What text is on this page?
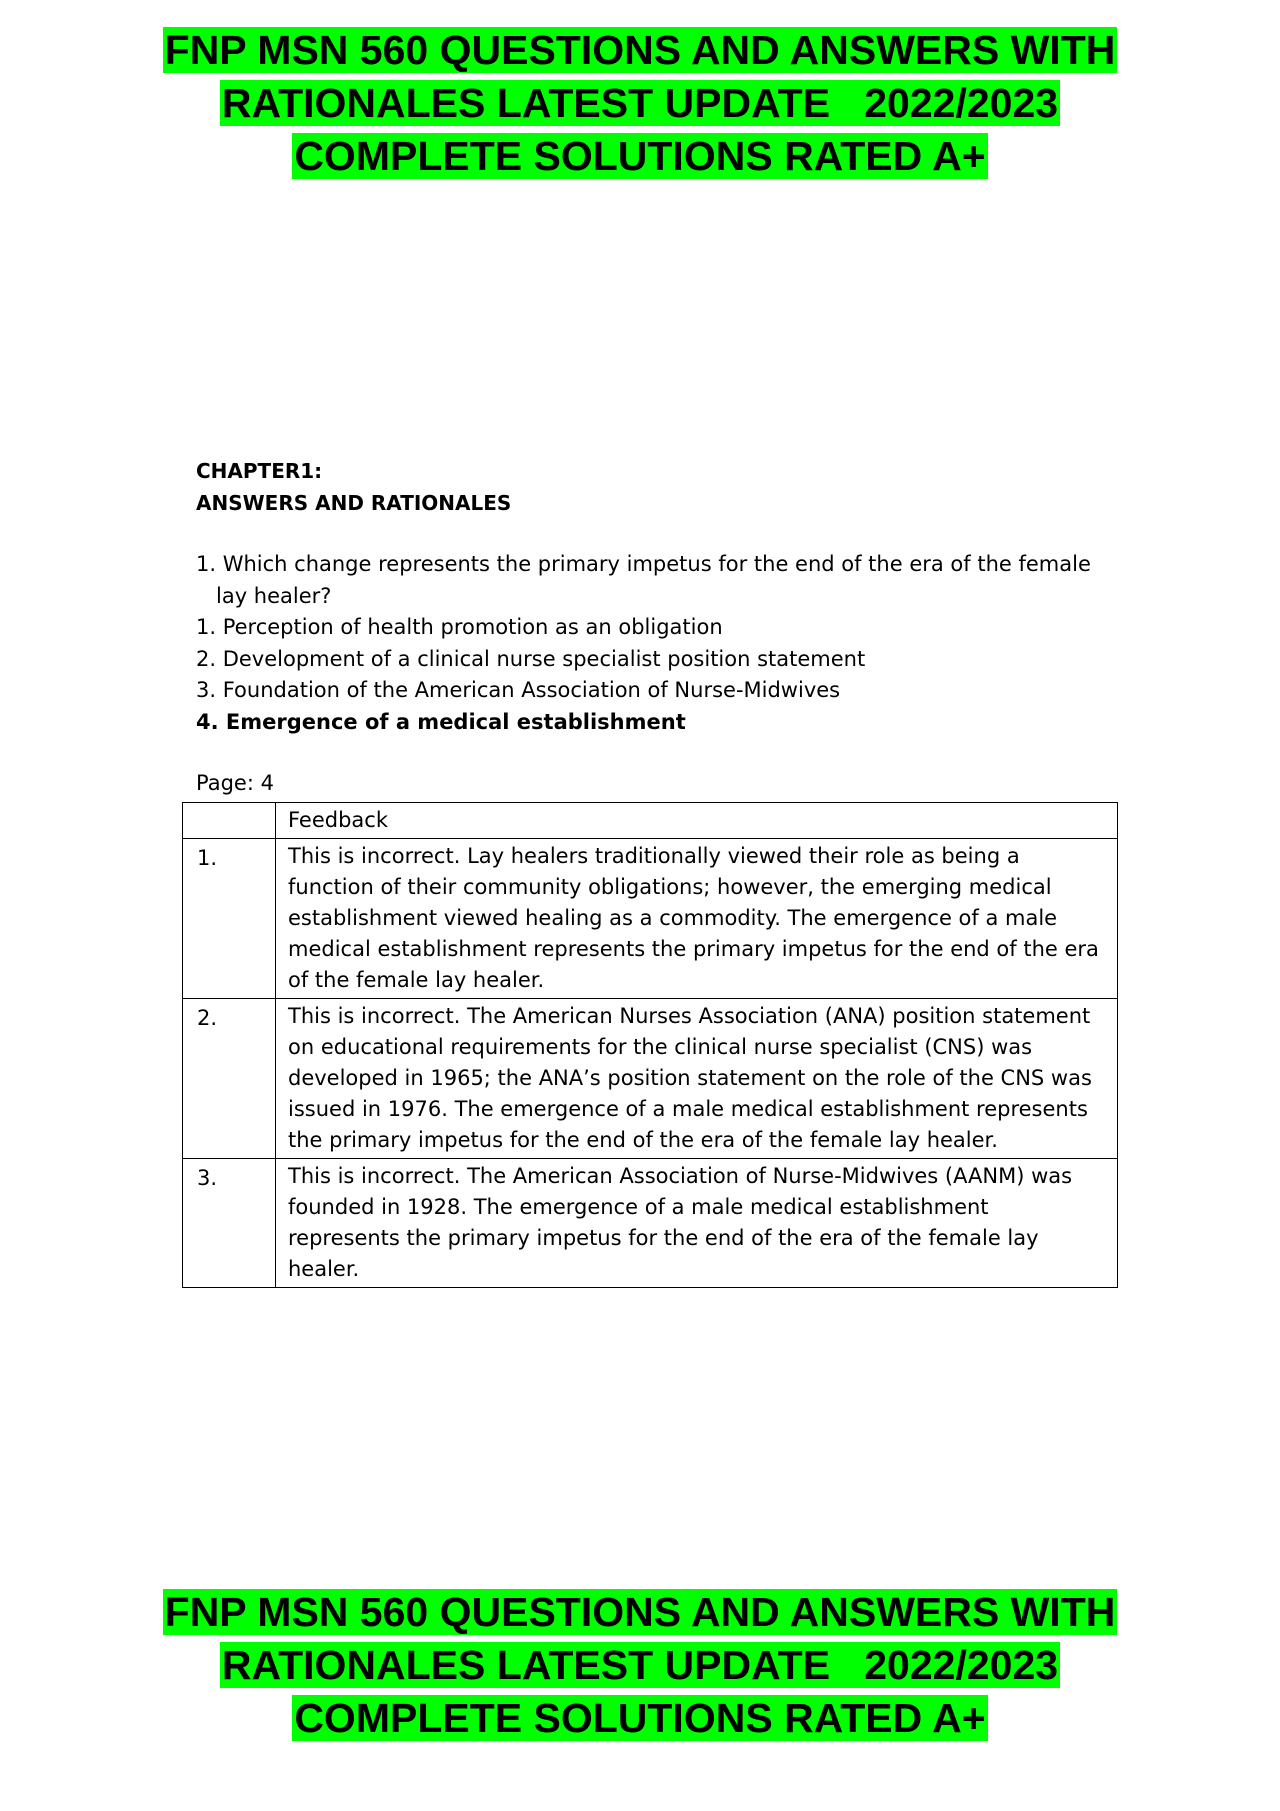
FNP MSN 560 QUESTIONS AND ANSWERS WITH
RATIONALES LATEST UPDATE   2022/2023
COMPLETE SOLUTIONS RATED A+

CHAPTER1:

ANSWERS AND RATIONALES

1. Which change represents the primary impetus for the end of the era of the female lay healer?

1. Perception of health promotion as an obligation

2. Development of a clinical nurse specialist position statement

3. Foundation of the American Association of Nurse-Midwives

4. Emergence of a medical establishment

Page: 4

	Feedback
1.	This is incorrect. Lay healers traditionally viewed their role as being a function of their community obligations; however, the emerging medical establishment viewed healing as a commodity. The emergence of a male medical establishment represents the primary impetus for the end of the era of the female lay healer.
2.	This is incorrect. The American Nurses Association (ANA) position statement on educational requirements for the clinical nurse specialist (CNS) was developed in 1965; the ANA’s position statement on the role of the CNS was issued in 1976. The emergence of a male medical establishment represents the primary impetus for the end of the era of the female lay healer.
3.	This is incorrect. The American Association of Nurse-Midwives (AANM) was founded in 1928. The emergence of a male medical establishment represents the primary impetus for the end of the era of the female lay healer.
FNP MSN 560 QUESTIONS AND ANSWERS WITH
RATIONALES LATEST UPDATE   2022/2023
COMPLETE SOLUTIONS RATED A+
